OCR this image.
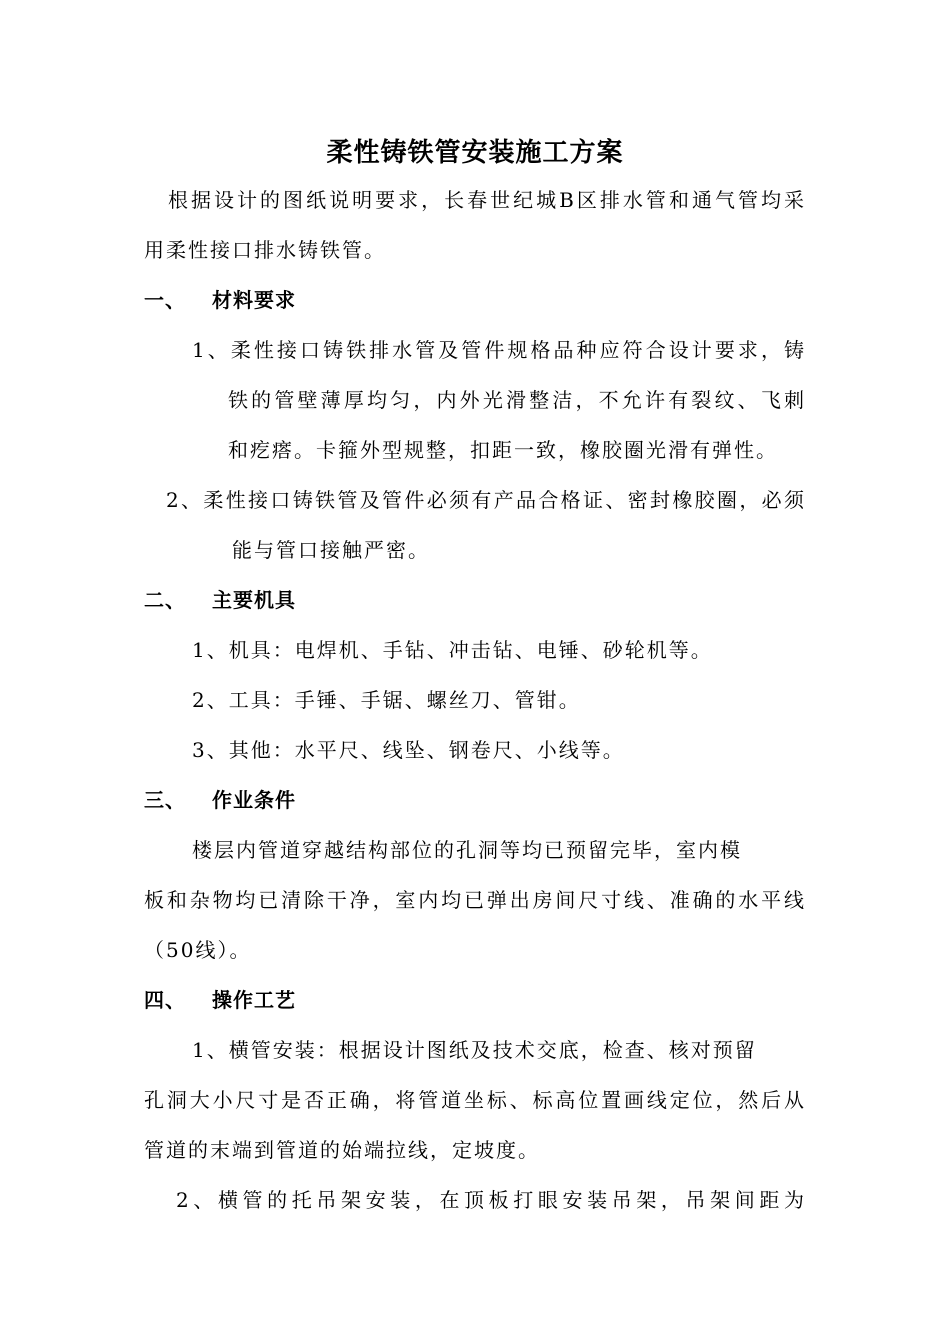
柔性铸铁管安装施工方案
根据设计的图纸说明要求，长春世纪城B区排水管和通气管均采
用柔性接口排水铸铁管。
一、 材料要求
1、柔性接口铸铁排水管及管件规格品种应符合设计要求，铸
铁的管壁薄厚均匀，内外光滑整洁，不允许有裂纹、飞刺
和疙瘩。卡箍外型规整，扣距一致，橡胶圈光滑有弹性。
2、柔性接口铸铁管及管件必须有产品合格证、密封橡胶圈，必须
能与管口接触严密。
二、 主要机具
1、机具：电焊机、手钻、冲击钻、电锤、砂轮机等。
2、工具：手锤、手锯、螺丝刀、管钳。
3、其他：水平尺、线坠、钢卷尺、小线等。
三、 作业条件
楼层内管道穿越结构部位的孔洞等均已预留完毕，室内模
板和杂物均已清除干净，室内均已弹出房间尺寸线、准确的水平线
（50线）。
四、 操作工艺
1、横管安装：根据设计图纸及技术交底，检查、核对预留
孔洞大小尺寸是否正确，将管道坐标、标高位置画线定位，然后从
管道的末端到管道的始端拉线，定坡度。
2、横管的托吊架安装，在顶板打眼安装吊架，吊架间距为
